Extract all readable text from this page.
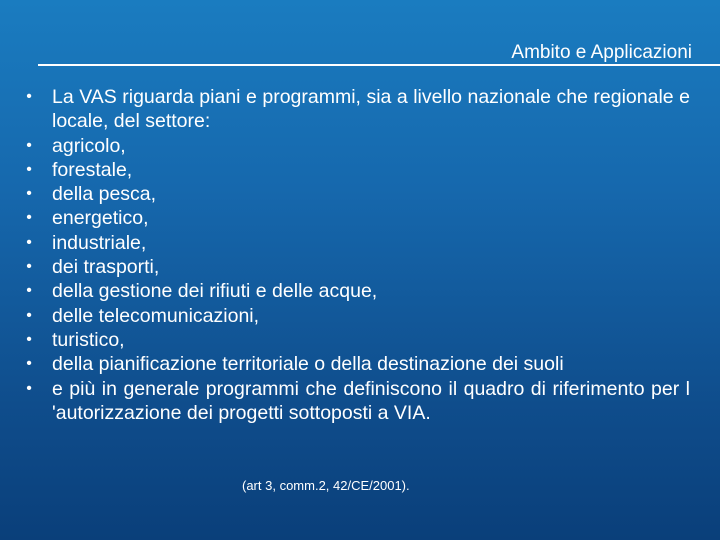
Ambito e Applicazioni
• La VAS riguarda piani e programmi, sia a livello nazionale che regionale e locale, del settore:
• agricolo,
• forestale,
• della pesca,
• energetico,
• industriale,
• dei trasporti,
• della gestione dei rifiuti e delle acque,
• delle telecomunicazioni,
• turistico,
• della pianificazione territoriale o della destinazione dei suoli
• e più in generale programmi che definiscono il quadro di riferimento per l 'autorizzazione dei progetti sottoposti a VIA.
(art 3, comm.2, 42/CE/2001).
